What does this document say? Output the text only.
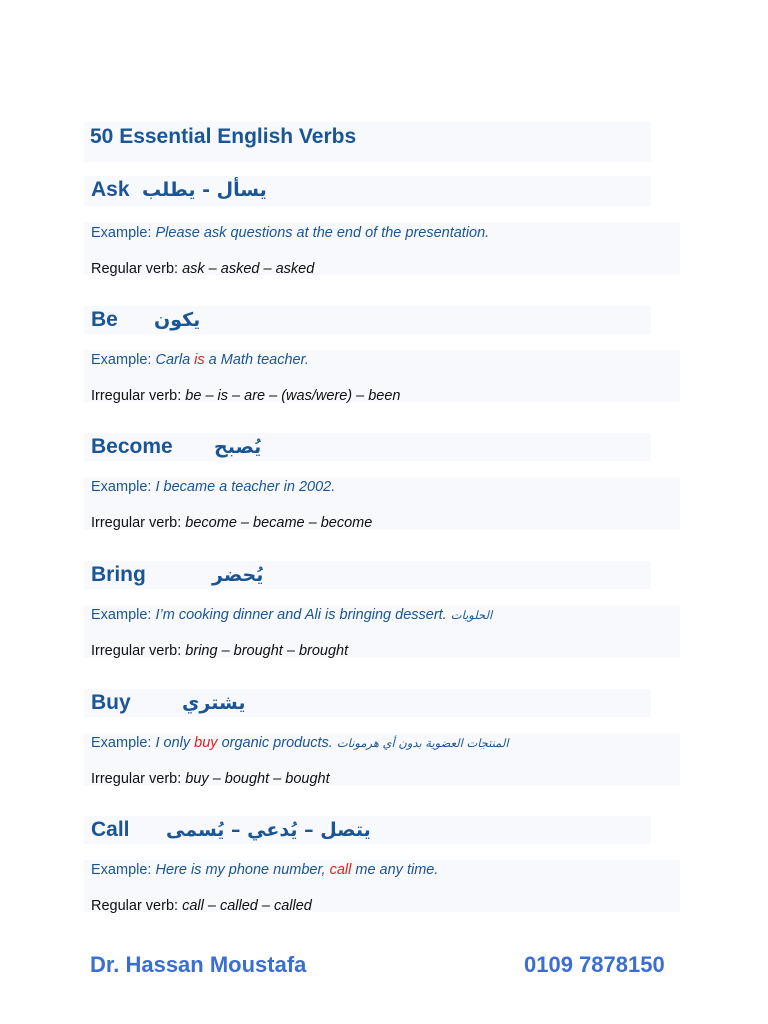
50 Essential English Verbs
Ask يسأل - يطلب
Example: Please ask questions at the end of the presentation.
Regular verb: ask – asked – asked
Be يكون
Example: Carla is a Math teacher.
Irregular verb: be – is – are – (was/were) – been
Become يُصبح
Example: I became a teacher in 2002.
Irregular verb: become – became – become
Bring	يُحضر
Example: I’m cooking dinner and Ali is bringing dessert. الحلويات
Irregular verb: bring – brought – brought
Buy	يشتري
Example: I only buy organic products. المنتجات العضوية بدون أي هرمونات
Irregular verb: buy – bought – bought
Call يتصل – يُدعي – يُسمى
Example: Here is my phone number, call me any time.
Regular verb: call – called – called
Dr. Hassan Moustafa	0109 7878150
